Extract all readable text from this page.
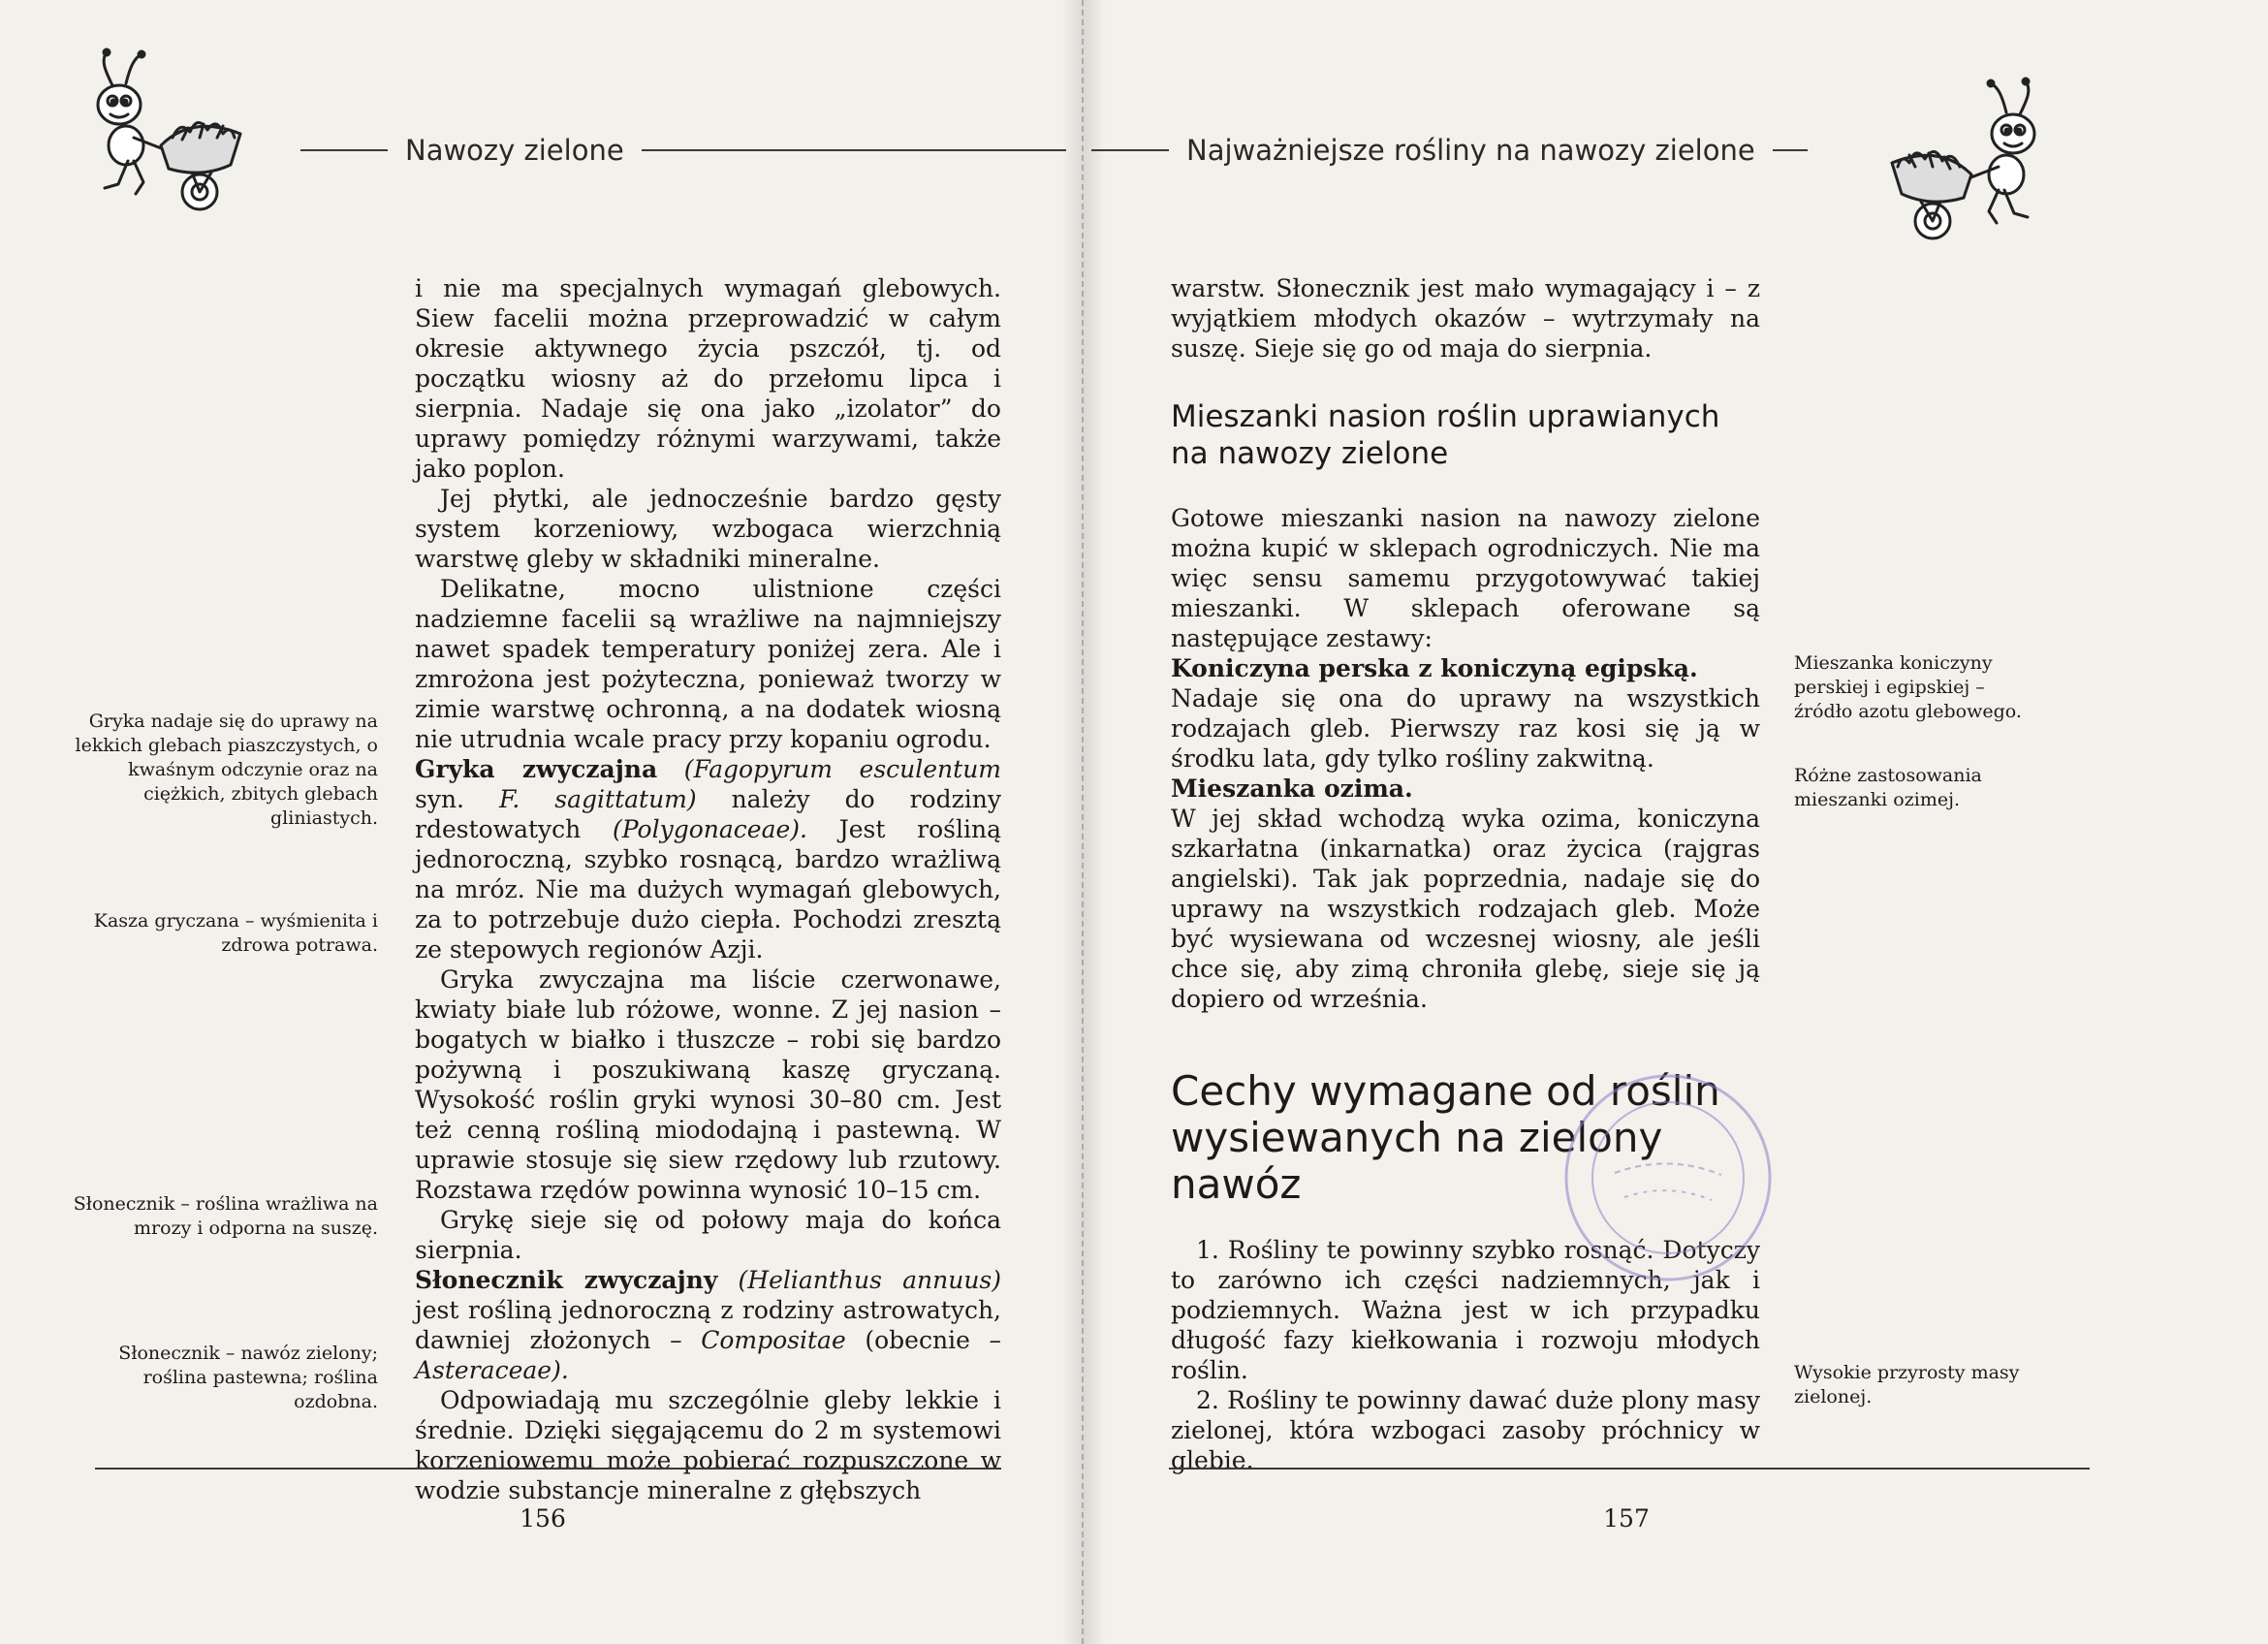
Nawozy zielone

i nie ma specjalnych wymagań glebowych. Siew facelii można przeprowadzić w całym okresie aktywnego życia pszczół, tj. od początku wiosny aż do przełomu lipca i sierpnia. Nadaje się ona jako „izolator” do uprawy pomiędzy różnymi warzywami, także jako poplon.

Jej płytki, ale jednocześnie bardzo gęsty system korzeniowy, wzbogaca wierzchnią warstwę gleby w składniki mineralne.

Delikatne, mocno ulistnione części nadziemne facelii są wrażliwe na najmniejszy nawet spadek temperatury poniżej zera. Ale i zmrożona jest pożyteczna, ponieważ tworzy w zimie warstwę ochronną, a na dodatek wiosną nie utrudnia wcale pracy przy kopaniu ogrodu.

Gryka zwyczajna (Fagopyrum esculentum syn. F. sagittatum) należy do rodziny rdestowatych (Polygonaceae). Jest rośliną jednoroczną, szybko rosnącą, bardzo wrażliwą na mróz. Nie ma dużych wymagań glebowych, za to potrzebuje dużo ciepła. Pochodzi zresztą ze stepowych regionów Azji.

Gryka zwyczajna ma liście czerwonawe, kwiaty białe lub różowe, wonne. Z jej nasion – bogatych w białko i tłuszcze – robi się bardzo pożywną i poszukiwaną kaszę gryczaną. Wysokość roślin gryki wynosi 30–80 cm. Jest też cenną rośliną miododajną i pastewną. W uprawie stosuje się siew rzędowy lub rzutowy. Rozstawa rzędów powinna wynosić 10–15 cm.

Grykę sieje się od połowy maja do końca sierpnia.

Słonecznik zwyczajny (Helianthus annuus) jest rośliną jednoroczną z rodziny astrowatych, dawniej złożonych – Compositae (obecnie – Asteraceae).

Odpowiadają mu szczególnie gleby lekkie i średnie. Dzięki sięgającemu do 2 m systemowi korzeniowemu może pobierać rozpuszczone w wodzie substancje mineralne z głębszych

Gryka nadaje się do uprawy na lekkich glebach piaszczystych, o kwaśnym odczynie oraz na ciężkich, zbitych glebach gliniastych.
Kasza gryczana – wyśmienita i zdrowa potrawa.
Słonecznik – roślina wrażliwa na mrozy i odporna na suszę.
Słonecznik – nawóz zielony; roślina pastewna; roślina ozdobna.
156
Najważniejsze rośliny na nawozy zielone

warstw. Słonecznik jest mało wymagający i – z wyjątkiem młodych okazów – wytrzymały na suszę. Sieje się go od maja do sierpnia.

Mieszanki nasion roślin uprawianych na nawozy zielone

Gotowe mieszanki nasion na nawozy zielone można kupić w sklepach ogrodniczych. Nie ma więc sensu samemu przygotowywać takiej mieszanki. W sklepach oferowane są następujące zestawy:

Koniczyna perska z koniczyną egipską.

Nadaje się ona do uprawy na wszystkich rodzajach gleb. Pierwszy raz kosi się ją w środku lata, gdy tylko rośliny zakwitną.

Mieszanka ozima.

W jej skład wchodzą wyka ozima, koniczyna szkarłatna (inkarnatka) oraz życica (rajgras angielski). Tak jak poprzednia, nadaje się do uprawy na wszystkich rodzajach gleb. Może być wysiewana od wczesnej wiosny, ale jeśli chce się, aby zimą chroniła glebę, sieje się ją dopiero od września.

Cechy wymagane od roślin wysiewanych na zielony nawóz

1. Rośliny te powinny szybko rosnąć. Dotyczy to zarówno ich części nadziemnych, jak i podziemnych. Ważna jest w ich przypadku długość fazy kiełkowania i rozwoju młodych roślin.

2. Rośliny te powinny dawać duże plony masy zielonej, która wzbogaci zasoby próchnicy w glebie.

Mieszanka koniczyny perskiej i egipskiej – źródło azotu glebowego.
Różne zastosowania mieszanki ozimej.
Wysokie przyrosty masy zielonej.
157
